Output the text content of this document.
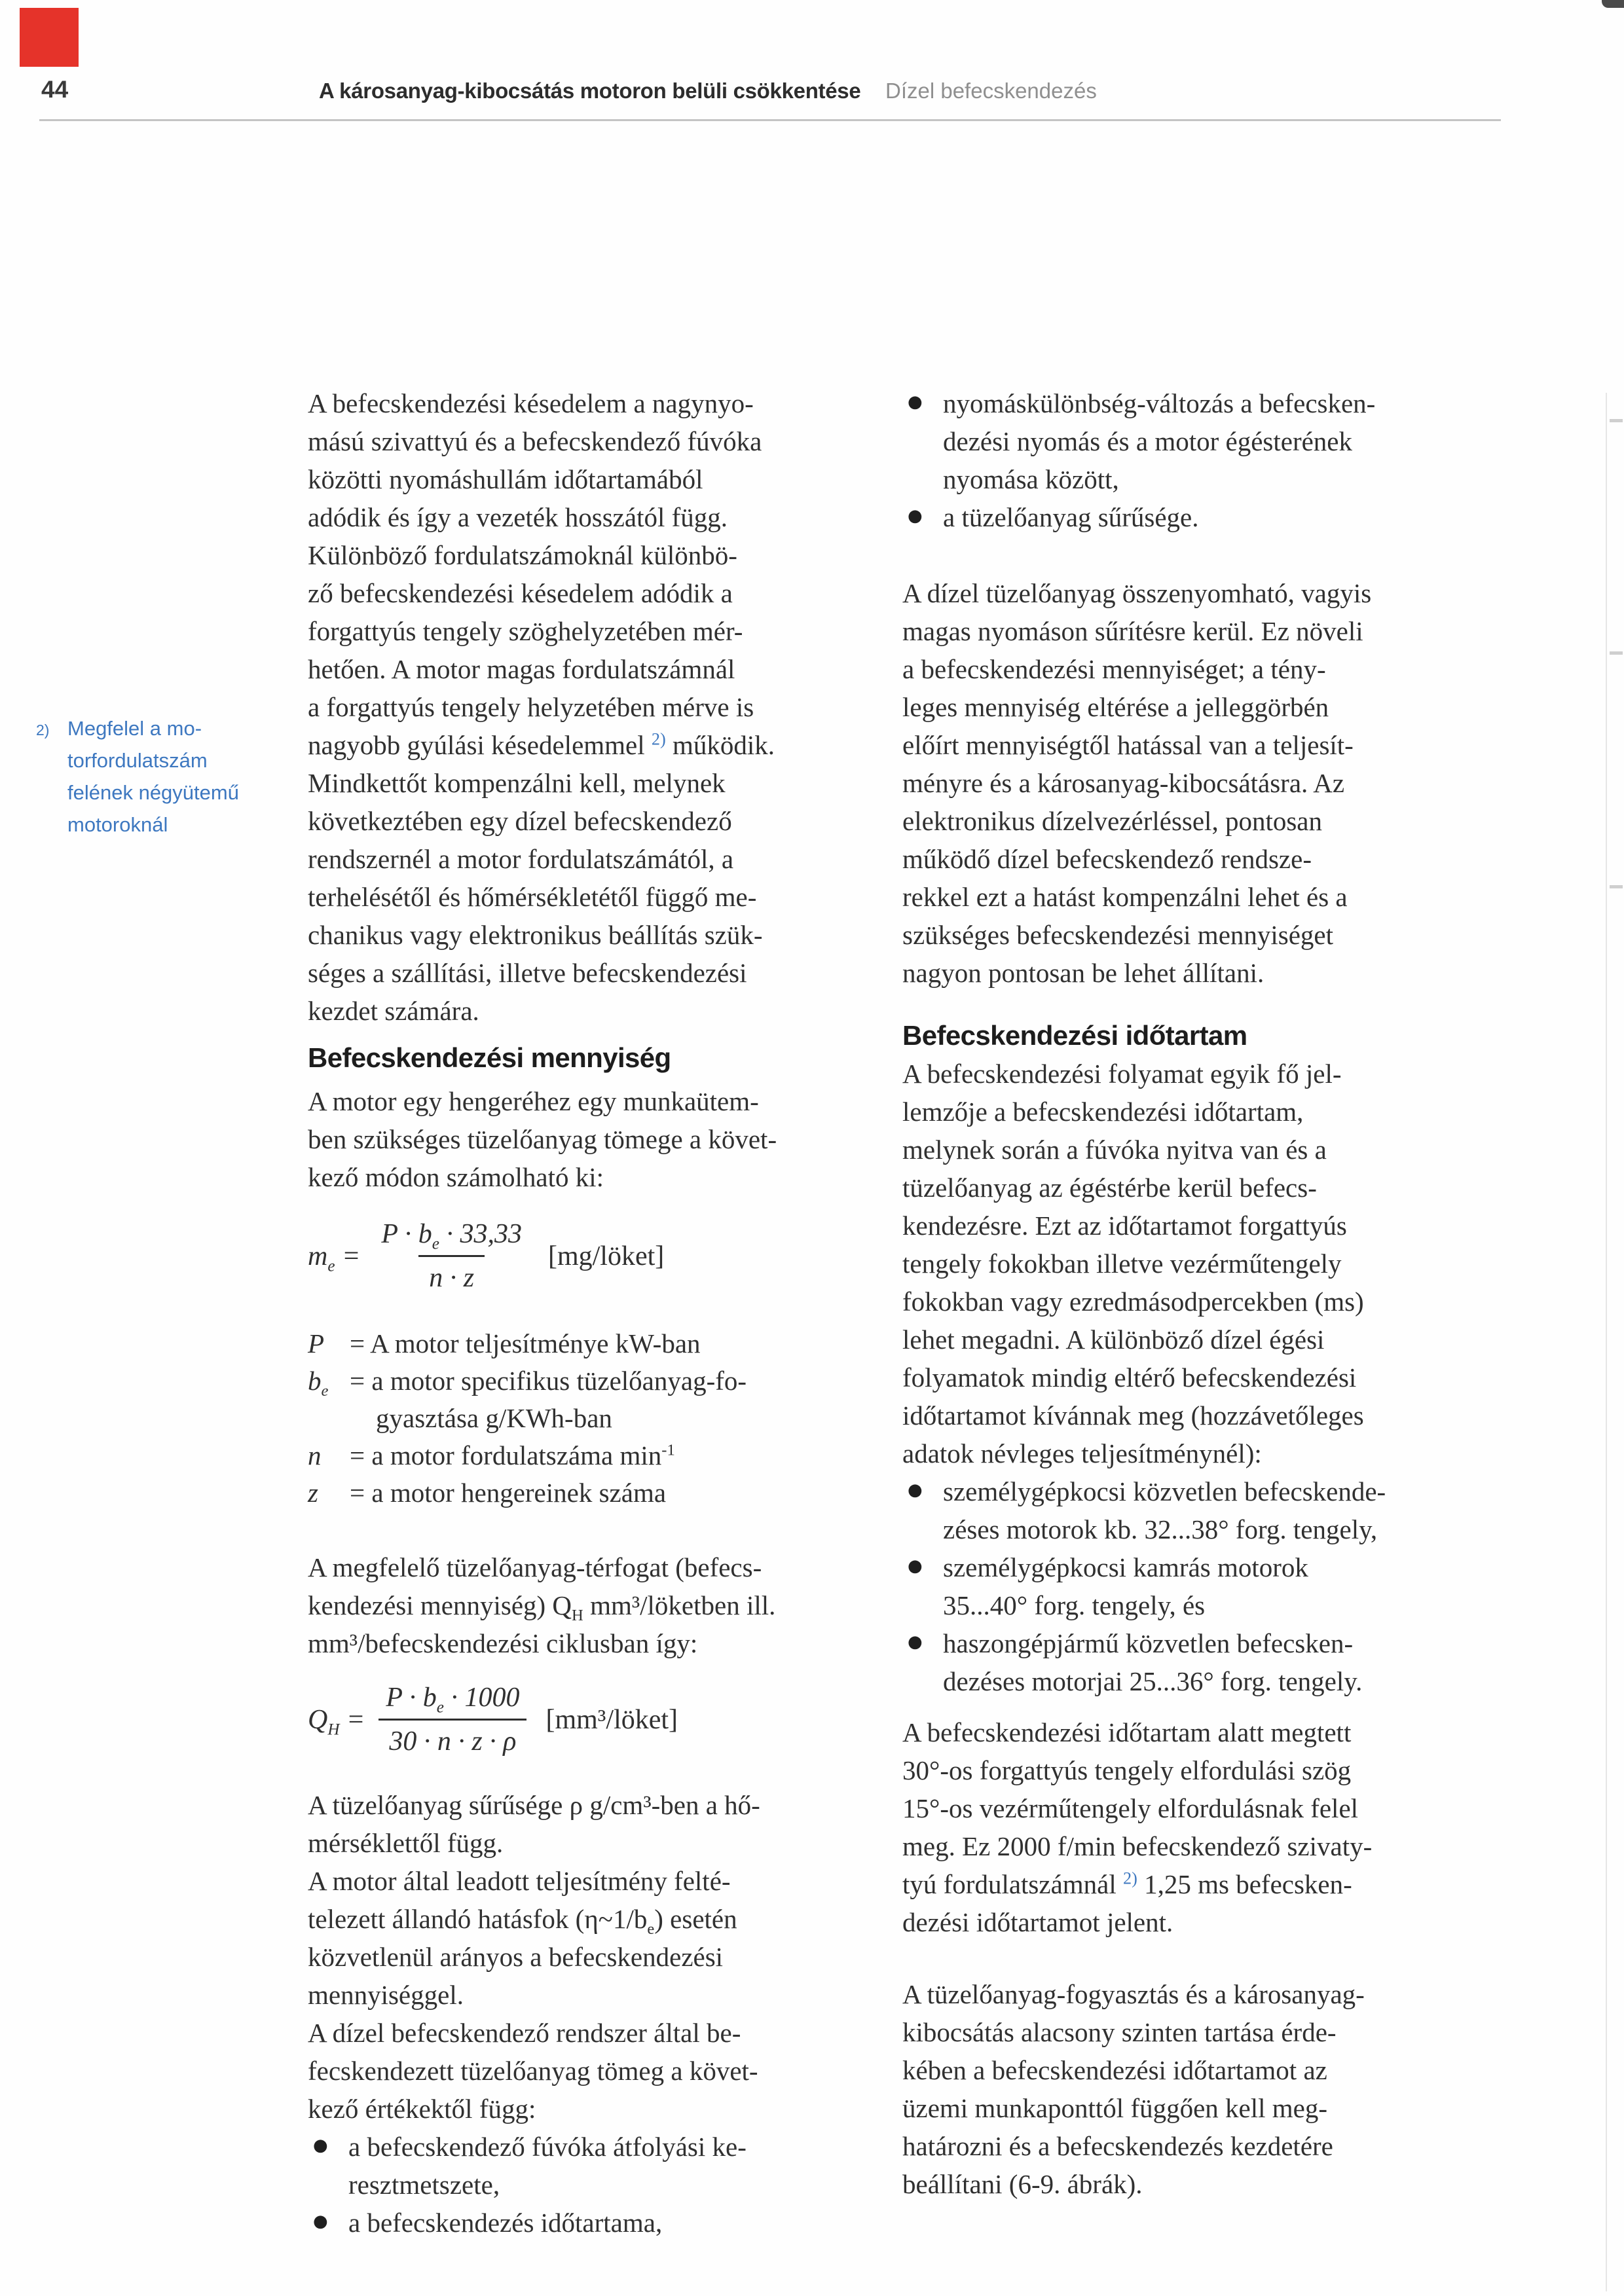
44	A károsanyag-kibocsátás motoron belüli csökkentése Dízel befecskendezés
2) Megfelel a mo-
torfordulatszám
felének négyütemű
motoroknál
A befecskendezési késedelem a nagynyo-
mású szivattyú és a befecskendező fúvóka
közötti nyomáshullám időtartamából
adódik és így a vezeték hosszától függ.
Különböző fordulatszámoknál különbö-
ző befecskendezési késedelem adódik a
forgattyús tengely szöghelyzetében mér-
hetően. A motor magas fordulatszámnál
a forgattyús tengely helyzetében mérve is
nagyobb gyúlási késedelemmel $^{2)}$ működik.
Mindkettőt kompenzálni kell, melynek
következtében egy dízel befecskendező
rendszernél a motor fordulatszámától, a
terhelésétől és hőmérsékletétől függő me-
chanikus vagy elektronikus beállítás szük-
séges a szállítási, illetve befecskendezési
kezdet számára.
Befecskendezési mennyiség
A motor egy hengeréhez egy munkaütem-
ben szükséges tüzelőanyag tömege a követ-
kező módon számolható ki:
$m_e = \frac{P \cdot b_e \cdot 33,33}{n \cdot z}$ [mg/löket]
P = A motor teljesítménye kW-ban
$b_e = a$ motor specifikus tüzelőanyag-fo-
gyasztása g/KWh-ban
n	= a motor fordulatszáma $\min^{-1}$
z	= a motor hengereinek száma
A megfelelő tüzelőanyag-térfogat (befecs-
kendezési mennyiség) $Q_H$ mm³/löketben ill.
mm³/befecskendezési ciklusban így:
$Q_H = \frac{P \cdot b_e \cdot 1000}{30 \cdot n \cdot z \cdot \rho}$ [mm³/löket]
A tüzelőanyag sűrűsége ρ g/cm³-ben a hő-
mérséklettől függ.
A motor által leadott teljesítmény felté-
telezett állandó hatásfok $(\eta\sim 1/b_e)$ esetén
közvetlenül arányos a befecskendezési
mennyiséggel.
A dízel befecskendező rendszer által be-
fecskendezett tüzelőanyag tömeg a követ-
kező értékektől függ:
● a befecskendező fúvóka átfolyási ke-
resztmetszete,
● a befecskendezés időtartama,
● nyomáskülönbség-változás a befecsken-
dezési nyomás és a motor égésterének
nyomása között,
● a tüzelőanyag sűrűsége.
A dízel tüzelőanyag összenyomható, vagyis
magas nyomáson sűrítésre kerül. Ez növeli
a befecskendezési mennyiséget; a tény-
leges mennyiség eltérése a jelleggörbén
előírt mennyiségtől hatással van a teljesít-
ményre és a károsanyag-kibocsátásra. Az
elektronikus dízelvezérléssel, pontosan
működő dízel befecskendező rendsze-
rekkel ezt a hatást kompenzálni lehet és a
szükséges befecskendezési mennyiséget
nagyon pontosan be lehet állítani.
Befecskendezési időtartam
A befecskendezési folyamat egyik fő jel-
lemzője a befecskendezési időtartam,
melynek során a fúvóka nyitva van és a
tüzelőanyag az égéstérbe kerül befecs-
kendezésre. Ezt az időtartamot forgattyús
tengely fokokban illetve vezérműtengely
fokokban vagy ezredmásodpercekben (ms)
lehet megadni. A különböző dízel égési
folyamatok mindig eltérő befecskendezési
időtartamot kívánnak meg (hozzávetőleges
adatok névleges teljesítménynél):
● személygépkocsi közvetlen befecskende-
zéses motorok kb. 32...38° forg. tengely,
● személygépkocsi kamrás motorok
35...40° forg. tengely, és
● haszongépjármű közvetlen befecsken-
dezéses motorjai 25...36° forg. tengely.
A befecskendezési időtartam alatt megtett
30°-os forgattyús tengely elfordulási szög
15°-os vezérműtengely elfordulásnak felel
meg. Ez 2000 f/min befecskendező szivaty-
tyú fordulatszámnál $^{2)}$ 1,25 ms befecsken-
dezési időtartamot jelent.
A tüzelőanyag-fogyasztás és a károsanyag-
kibocsátás alacsony szinten tartása érde-
kében a befecskendezési időtartamot az
üzemi munkaponttól függően kell meg-
határozni és a befecskendezés kezdetére
beállítani (6-9. ábrák).
